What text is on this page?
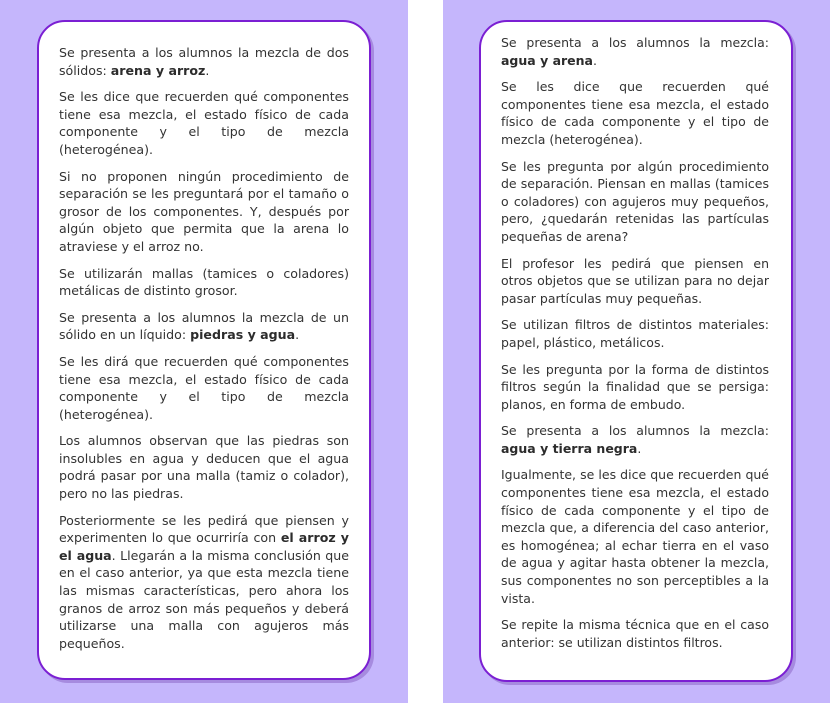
Se presenta a los alumnos la mezcla de dos sólidos: arena y arroz.

Se les dice que recuerden qué componentes tiene esa mezcla, el estado físico de cada componente y el tipo de mezcla (heterogénea).

Si no proponen ningún procedimiento de separación se les preguntará por el tamaño o grosor de los componentes. Y, después por algún objeto que permita que la arena lo atraviese y el arroz no.

Se utilizarán mallas (tamices o coladores) metálicas de distinto grosor.

Se presenta a los alumnos la mezcla de un sólido en un líquido: piedras y agua.

Se les dirá que recuerden qué componentes tiene esa mezcla, el estado físico de cada componente y el tipo de mezcla (heterogénea).

Los alumnos observan que las piedras son insolubles en agua y deducen que el agua podrá pasar por una malla (tamiz o colador), pero no las piedras.

Posteriormente se les pedirá que piensen y experimenten lo que ocurriría con el arroz y el agua. Llegarán a la misma conclusión que en el caso anterior, ya que esta mezcla tiene las mismas características, pero ahora los granos de arroz son más pequeños y deberá utilizarse una malla con agujeros más pequeños.

Se presenta a los alumnos la mezcla: agua y arena.

Se les dice que recuerden qué componentes tiene esa mezcla, el estado físico de cada componente y el tipo de mezcla (heterogénea).

Se les pregunta por algún procedimiento de separación. Piensan en mallas (tamices o coladores) con agujeros muy pequeños, pero, ¿quedarán retenidas las partículas pequeñas de arena?

El profesor les pedirá que piensen en otros objetos que se utilizan para no dejar pasar partículas muy pequeñas.

Se utilizan filtros de distintos materiales: papel, plástico, metálicos.

Se les pregunta por la forma de distintos filtros según la finalidad que se persiga: planos, en forma de embudo.

Se presenta a los alumnos la mezcla: agua y tierra negra.

Igualmente, se les dice que recuerden qué componentes tiene esa mezcla, el estado físico de cada componente y el tipo de mezcla que, a diferencia del caso anterior, es homogénea; al echar tierra en el vaso de agua y agitar hasta obtener la mezcla, sus componentes no son perceptibles a la vista.

Se repite la misma técnica que en el caso anterior: se utilizan distintos filtros.
